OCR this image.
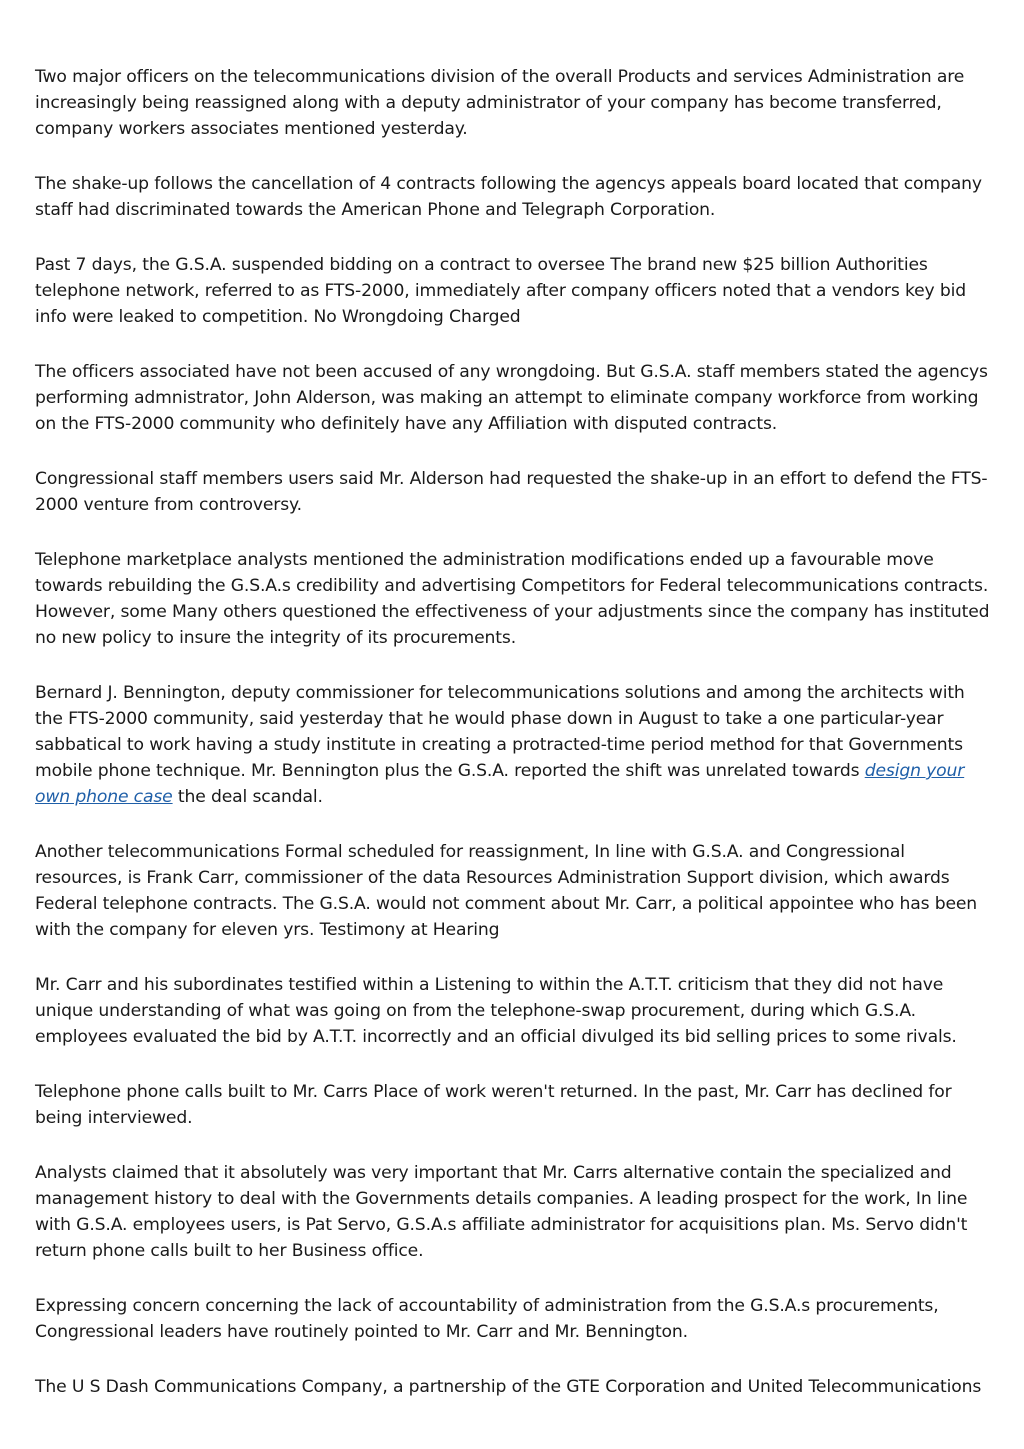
Two major officers on the telecommunications division of the overall Products and services Administration are increasingly being reassigned along with a deputy administrator of your company has become transferred, company workers associates mentioned yesterday.

The shake-up follows the cancellation of 4 contracts following the agencys appeals board located that company staff had discriminated towards the American Phone and Telegraph Corporation.

Past 7 days, the G.S.A. suspended bidding on a contract to oversee The brand new $25 billion Authorities telephone network, referred to as FTS-2000, immediately after company officers noted that a vendors key bid info were leaked to competition. No Wrongdoing Charged

The officers associated have not been accused of any wrongdoing. But G.S.A. staff members stated the agencys performing admnistrator, John Alderson, was making an attempt to eliminate company workforce from working on the FTS-2000 community who definitely have any Affiliation with disputed contracts.

Congressional staff members users said Mr. Alderson had requested the shake-up in an effort to defend the FTS-2000 venture from controversy.

Telephone marketplace analysts mentioned the administration modifications ended up a favourable move towards rebuilding the G.S.A.s credibility and advertising Competitors for Federal telecommunications contracts. However, some Many others questioned the effectiveness of your adjustments since the company has instituted no new policy to insure the integrity of its procurements.

Bernard J. Bennington, deputy commissioner for telecommunications solutions and among the architects with the FTS-2000 community, said yesterday that he would phase down in August to take a one particular-year sabbatical to work having a study institute in creating a protracted-time period method for that Governments mobile phone technique. Mr. Bennington plus the G.S.A. reported the shift was unrelated towards design your own phone case the deal scandal.

Another telecommunications Formal scheduled for reassignment, In line with G.S.A. and Congressional resources, is Frank Carr, commissioner of the data Resources Administration Support division, which awards Federal telephone contracts. The G.S.A. would not comment about Mr. Carr, a political appointee who has been with the company for eleven yrs. Testimony at Hearing

Mr. Carr and his subordinates testified within a Listening to within the A.T.T. criticism that they did not have unique understanding of what was going on from the telephone-swap procurement, during which G.S.A. employees evaluated the bid by A.T.T. incorrectly and an official divulged its bid selling prices to some rivals.

Telephone phone calls built to Mr. Carrs Place of work weren't returned. In the past, Mr. Carr has declined for being interviewed.

Analysts claimed that it absolutely was very important that Mr. Carrs alternative contain the specialized and management history to deal with the Governments details companies. A leading prospect for the work, In line with G.S.A. employees users, is Pat Servo, G.S.A.s affiliate administrator for acquisitions plan. Ms. Servo didn't return phone calls built to her Business office.

Expressing concern concerning the lack of accountability of administration from the G.S.A.s procurements, Congressional leaders have routinely pointed to Mr. Carr and Mr. Bennington.

The U S Dash Communications Company, a partnership of the GTE Corporation and United Telecommunications
